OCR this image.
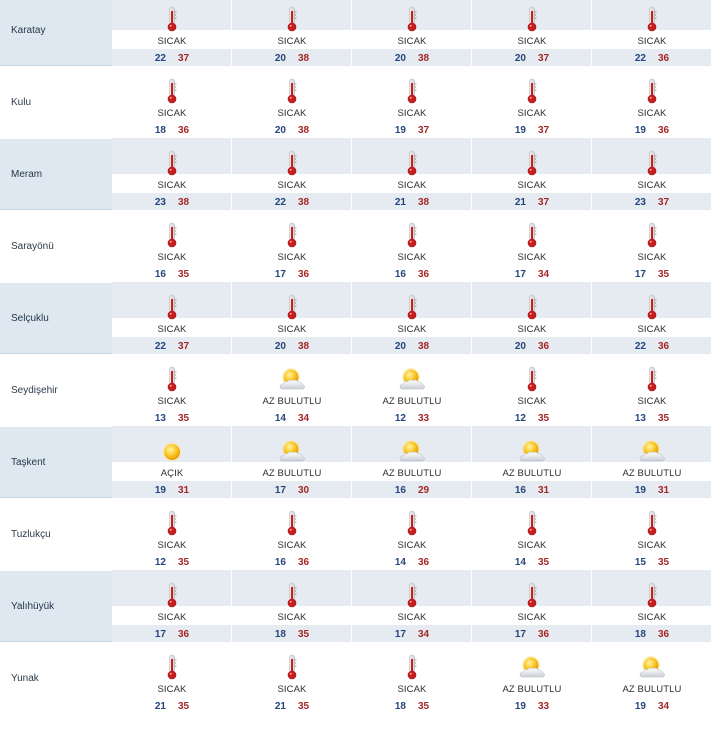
Karatay
SICAK
22 37
SICAK
20 38
SICAK
20 38
SICAK
20 37
SICAK
22 36
Kulu
SICAK
18 36
SICAK
20 38
SICAK
19 37
SICAK
19 37
SICAK
19 36
Meram
SICAK
23 38
SICAK
22 38
SICAK
21 38
SICAK
21 37
SICAK
23 37
Sarayönü
SICAK
16 35
SICAK
17 36
SICAK
16 36
SICAK
17 34
SICAK
17 35
Selçuklu
SICAK
22 37
SICAK
20 38
SICAK
20 38
SICAK
20 36
SICAK
22 36
Seydişehir
SICAK
13 35
AZ BULUTLU
14 34
AZ BULUTLU
12 33
SICAK
12 35
SICAK
13 35
Taşkent
AÇIK
19 31
AZ BULUTLU
17 30
AZ BULUTLU
16 29
AZ BULUTLU
16 31
AZ BULUTLU
19 31
Tuzlukçu
SICAK
12 35
SICAK
16 36
SICAK
14 36
SICAK
14 35
SICAK
15 35
Yalıhüyük
SICAK
17 36
SICAK
18 35
SICAK
17 34
SICAK
17 36
SICAK
18 36
Yunak
SICAK
21 35
SICAK
21 35
SICAK
18 35
AZ BULUTLU
19 33
AZ BULUTLU
19 34
